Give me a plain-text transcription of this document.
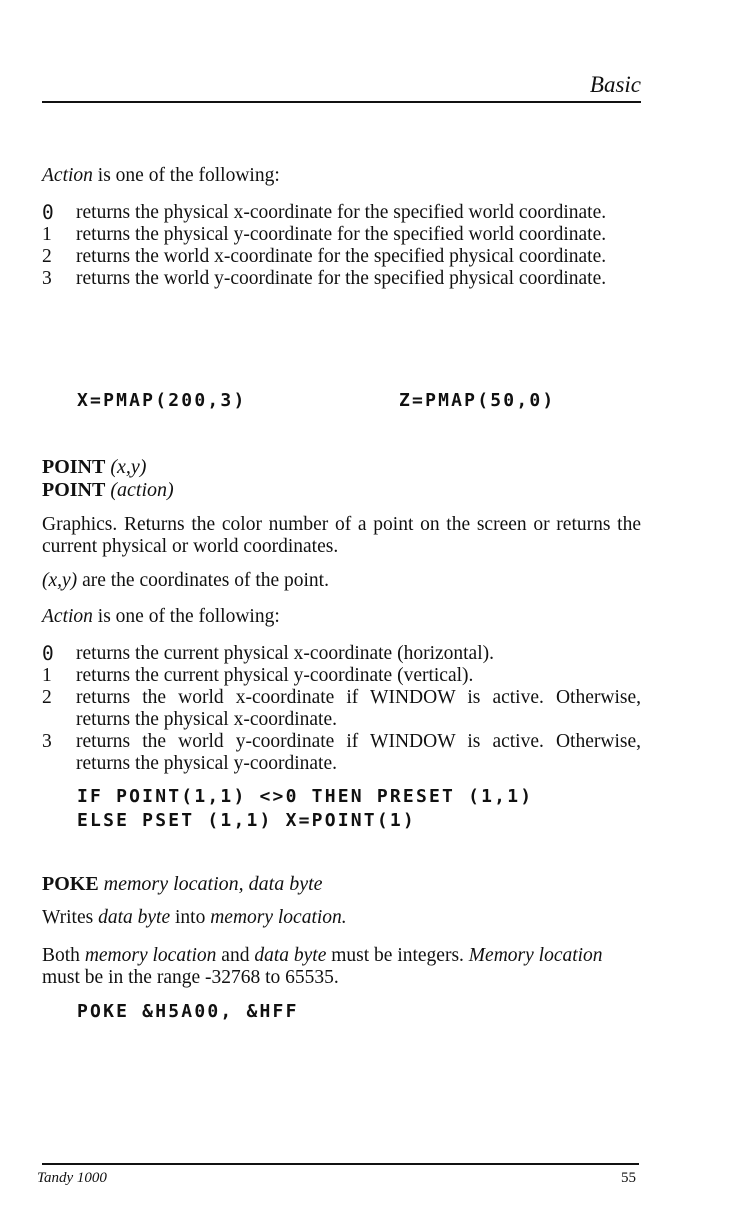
Basic
Action is one of the following:
0 returns the physical x-coordinate for the specified world coordinate.
1 returns the physical y-coordinate for the specified world coordinate.
2 returns the world x-coordinate for the specified physical coordinate.
3 returns the world y-coordinate for the specified physical coordinate.
X=PMAP(200,3)	Z=PMAP(50,0)
POINT (x,y)
POINT (action)
Graphics. Returns the color number of a point on the screen or returns the current physical or world coordinates.
(x,y) are the coordinates of the point.
Action is one of the following:
0 returns the current physical x-coordinate (horizontal).
1 returns the current physical y-coordinate (vertical).
2 returns the world x-coordinate if WINDOW is active. Otherwise, returns the physical x-coordinate.
3 returns the world y-coordinate if WINDOW is active. Otherwise, returns the physical y-coordinate.
IF POINT(1,1) <>0 THEN PRESET (1,1)
ELSE PSET (1,1) X=POINT(1)
POKE memory location, data byte
Writes data byte into memory location.
Both memory location and data byte must be integers. Memory location must be in the range -32768 to 65535.
POKE &H5A00, &HFF
Tandy 1000	55
